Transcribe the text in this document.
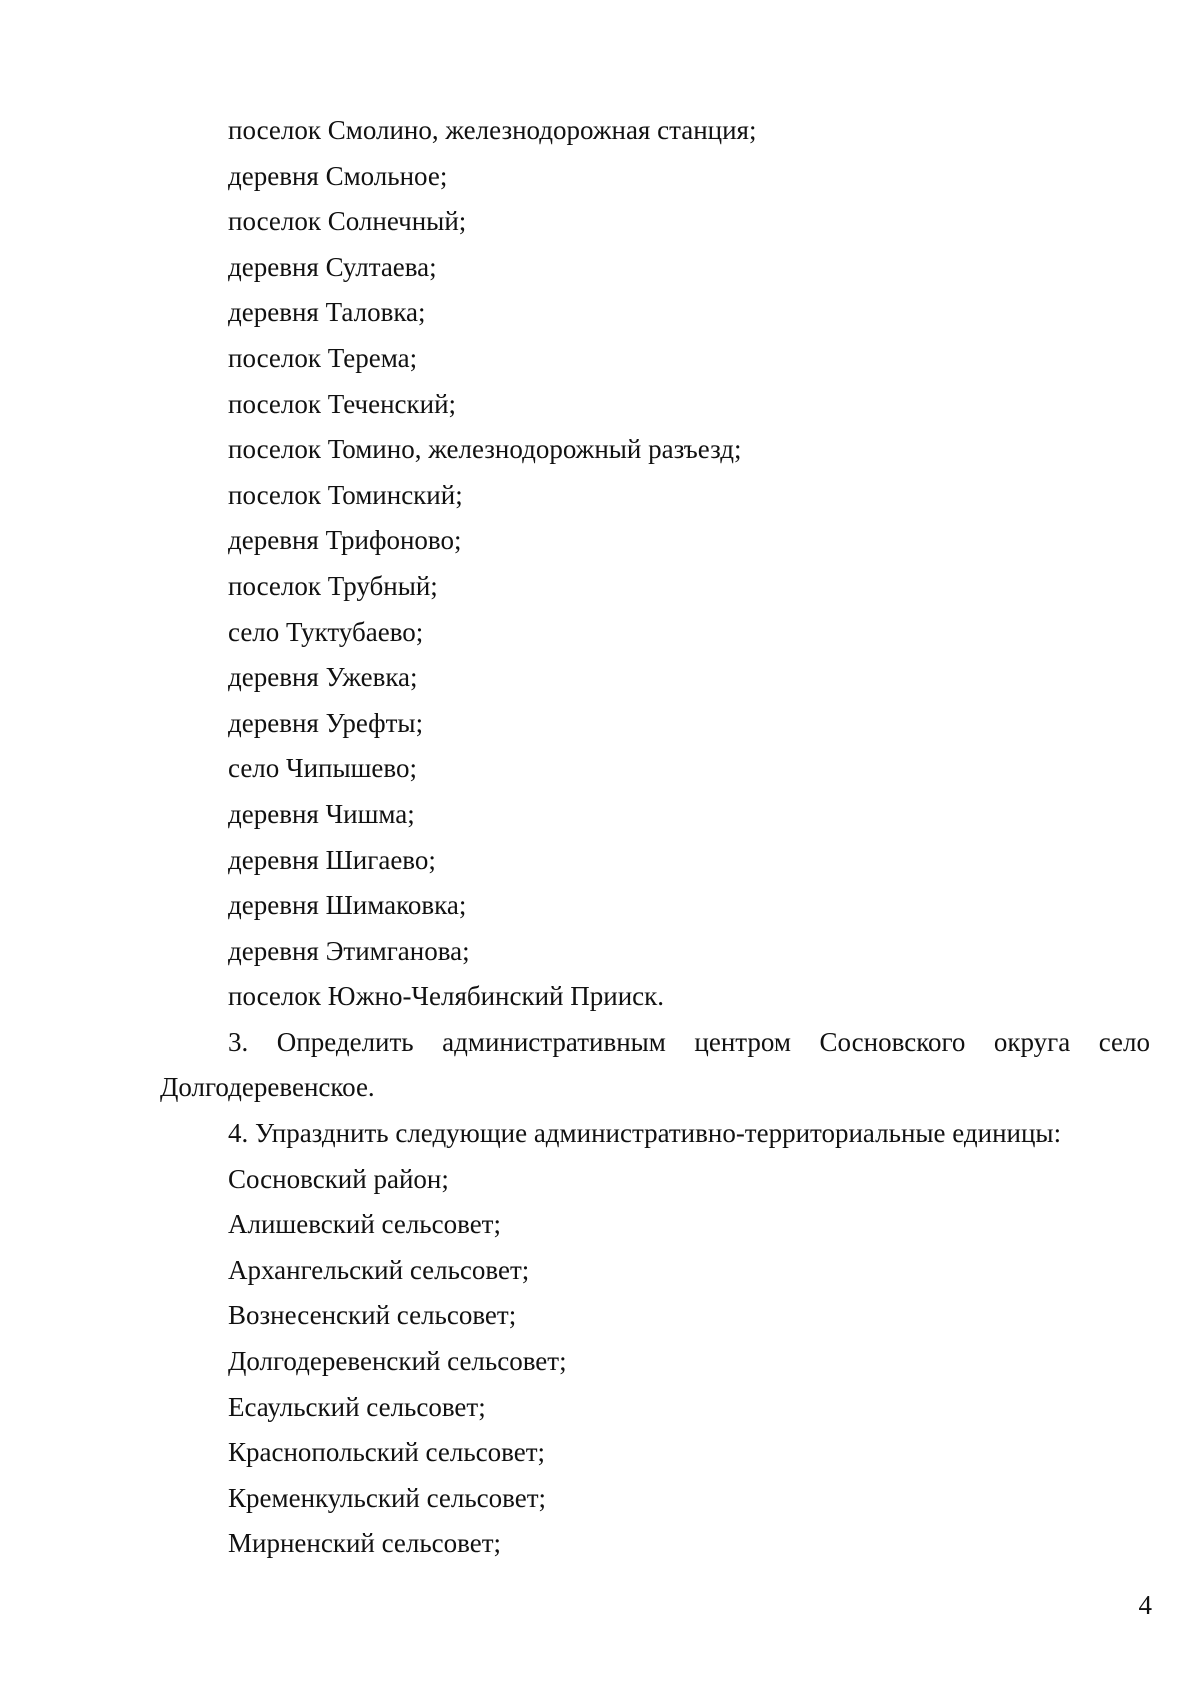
поселок Смолино, железнодорожная станция;

деревня Смольное;

поселок Солнечный;

деревня Султаева;

деревня Таловка;

поселок Терема;

поселок Теченский;

поселок Томино, железнодорожный разъезд;

поселок Томинский;

деревня Трифоново;

поселок Трубный;

село Туктубаево;

деревня Ужевка;

деревня Урефты;

село Чипышево;

деревня Чишма;

деревня Шигаево;

деревня Шимаковка;

деревня Этимганова;

поселок Южно-Челябинский Прииск.

3. Определить административным центром Сосновского округа село Долгодеревенское.

4. Упразднить следующие административно-территориальные единицы:

Сосновский район;

Алишевский сельсовет;

Архангельский сельсовет;

Вознесенский сельсовет;

Долгодеревенский сельсовет;

Есаульский сельсовет;

Краснопольский сельсовет;

Кременкульский сельсовет;

Мирненский сельсовет;

4
